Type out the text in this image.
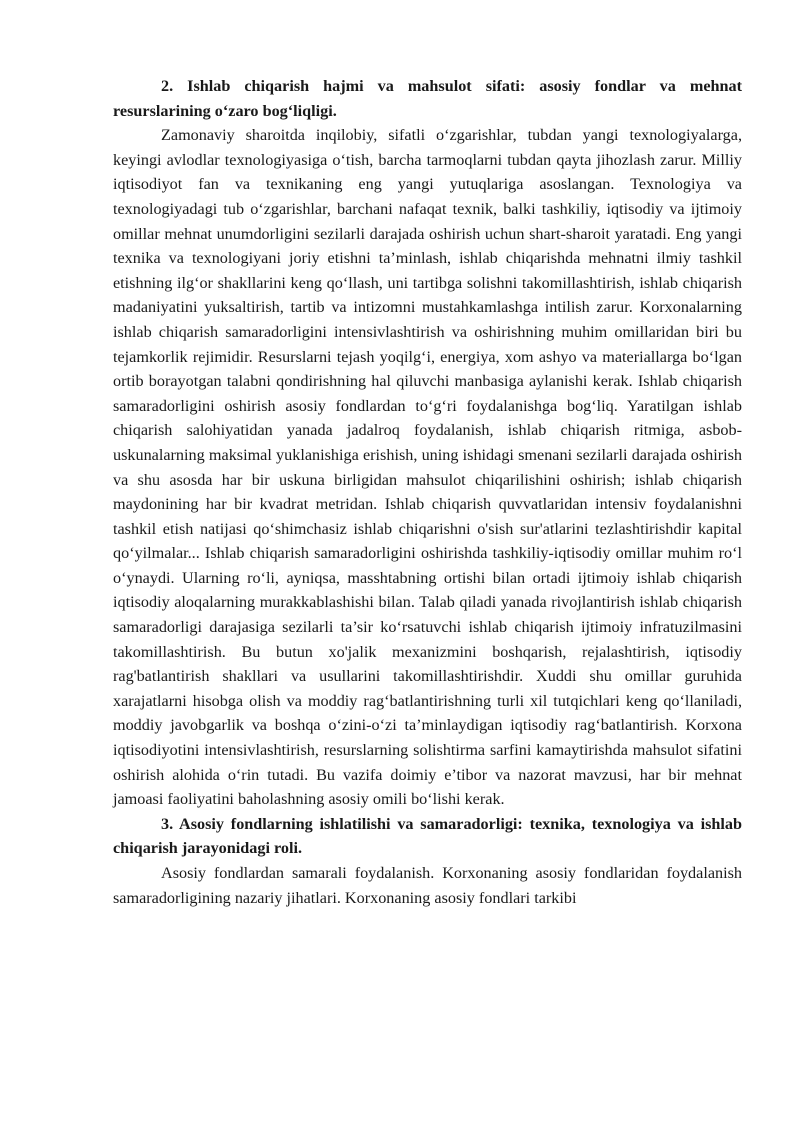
2. Ishlab chiqarish hajmi va mahsulot sifati: asosiy fondlar va mehnat resurslarining o‘zaro bog‘liqligi.

Zamonaviy sharoitda inqilobiy, sifatli o‘zgarishlar, tubdan yangi texnologiyalarga, keyingi avlodlar texnologiyasiga o‘tish, barcha tarmoqlarni tubdan qayta jihozlash zarur. Milliy iqtisodiyot fan va texnikaning eng yangi yutuqlariga asoslangan. Texnologiya va texnologiyadagi tub o‘zgarishlar, barchani nafaqat texnik, balki tashkiliy, iqtisodiy va ijtimoiy omillar mehnat unumdorligini sezilarli darajada oshirish uchun shart-sharoit yaratadi. Eng yangi texnika va texnologiyani joriy etishni ta’minlash, ishlab chiqarishda mehnatni ilmiy tashkil etishning ilg‘or shakllarini keng qo‘llash, uni tartibga solishni takomillashtirish, ishlab chiqarish madaniyatini yuksaltirish, tartib va intizomni mustahkamlashga intilish zarur. Korxonalarning ishlab chiqarish samaradorligini intensivlashtirish va oshirishning muhim omillaridan biri bu tejamkorlik rejimidir. Resurslarni tejash yoqilg‘i, energiya, xom ashyo va materiallarga bo‘lgan ortib borayotgan talabni qondirishning hal qiluvchi manbasiga aylanishi kerak. Ishlab chiqarish samaradorligini oshirish asosiy fondlardan to‘g‘ri foydalanishga bog‘liq. Yaratilgan ishlab chiqarish salohiyatidan yanada jadalroq foydalanish, ishlab chiqarish ritmiga, asbob-uskunalarning maksimal yuklanishiga erishish, uning ishidagi smenani sezilarli darajada oshirish va shu asosda har bir uskuna birligidan mahsulot chiqarilishini oshirish; ishlab chiqarish maydonining har bir kvadrat metridan. Ishlab chiqarish quvvatlaridan intensiv foydalanishni tashkil etish natijasi qo‘shimchasiz ishlab chiqarishni o'sish sur'atlarini tezlashtirishdir kapital qo‘yilmalar... Ishlab chiqarish samaradorligini oshirishda tashkiliy-iqtisodiy omillar muhim ro‘l o‘ynaydi. Ularning ro‘li, ayniqsa, masshtabning ortishi bilan ortadi ijtimoiy ishlab chiqarish iqtisodiy aloqalarning murakkablashishi bilan. Talab qiladi yanada rivojlantirish ishlab chiqarish samaradorligi darajasiga sezilarli ta’sir ko‘rsatuvchi ishlab chiqarish ijtimoiy infratuzilmasini takomillashtirish. Bu butun xo'jalik mexanizmini boshqarish, rejalashtirish, iqtisodiy rag'batlantirish shakllari va usullarini takomillashtirishdir. Xuddi shu omillar guruhida xarajatlarni hisobga olish va moddiy rag‘batlantirishning turli xil tutqichlari keng qo‘llaniladi, moddiy javobgarlik va boshqa o‘zini-o‘zi ta’minlaydigan iqtisodiy rag‘batlantirish. Korxona iqtisodiyotini intensivlashtirish, resurslarning solishtirma sarfini kamaytirishda mahsulot sifatini oshirish alohida o‘rin tutadi. Bu vazifa doimiy e’tibor va nazorat mavzusi, har bir mehnat jamoasi faoliyatini baholashning asosiy omili bo‘lishi kerak.

3. Asosiy fondlarning ishlatilishi va samaradorligi: texnika, texnologiya va ishlab chiqarish jarayonidagi roli.

Asosiy fondlardan samarali foydalanish. Korxonaning asosiy fondlaridan foydalanish samaradorligining nazariy jihatlari. Korxonaning asosiy fondlari tarkibi
